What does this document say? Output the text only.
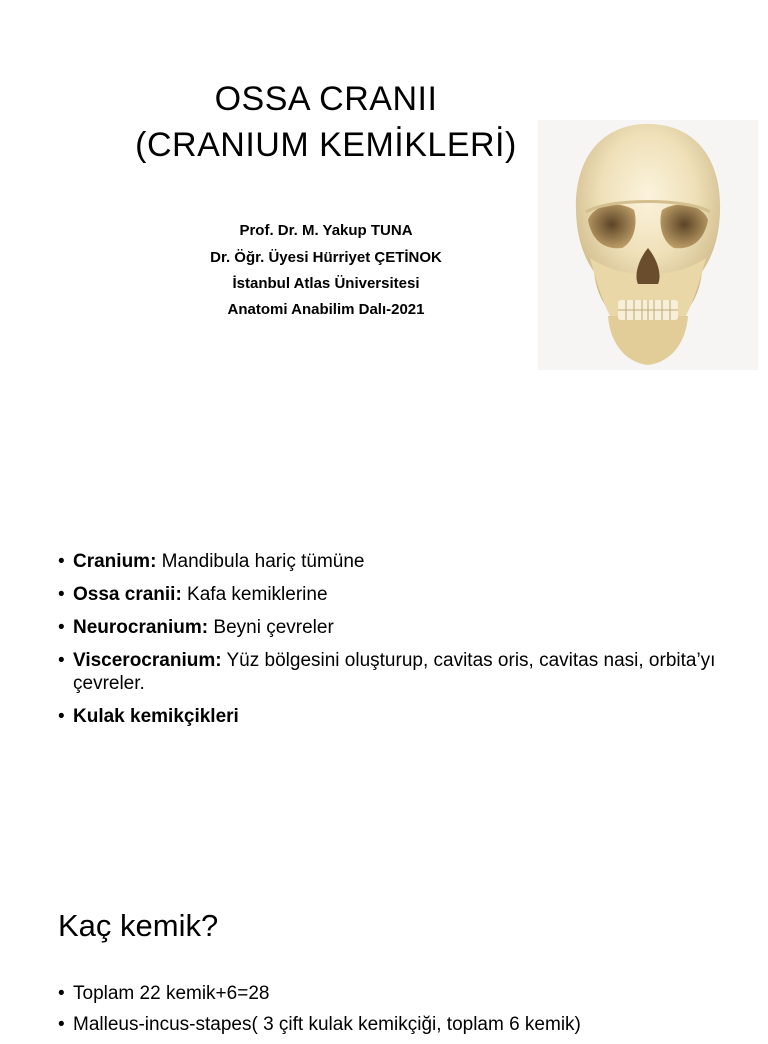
OSSA CRANII
(CRANIUM KEMİKLERİ)
Prof. Dr. M. Yakup TUNA
Dr. Öğr. Üyesi Hürriyet ÇETİNOK
İstanbul Atlas Üniversitesi
Anatomi Anabilim Dalı-2021
• Cranium: Mandibula hariç tümüne
• Ossa cranii: Kafa kemiklerine
• Neurocranium: Beyni çevreler
• Viscerocranium: Yüz bölgesini oluşturup, cavitas oris, cavitas nasi, orbita’yı çevreler.
• Kulak kemikçikleri
Kaç kemik?
• Toplam 22 kemik+6=28
• Malleus-incus-stapes( 3 çift kulak kemikçiği, toplam 6 kemik)
